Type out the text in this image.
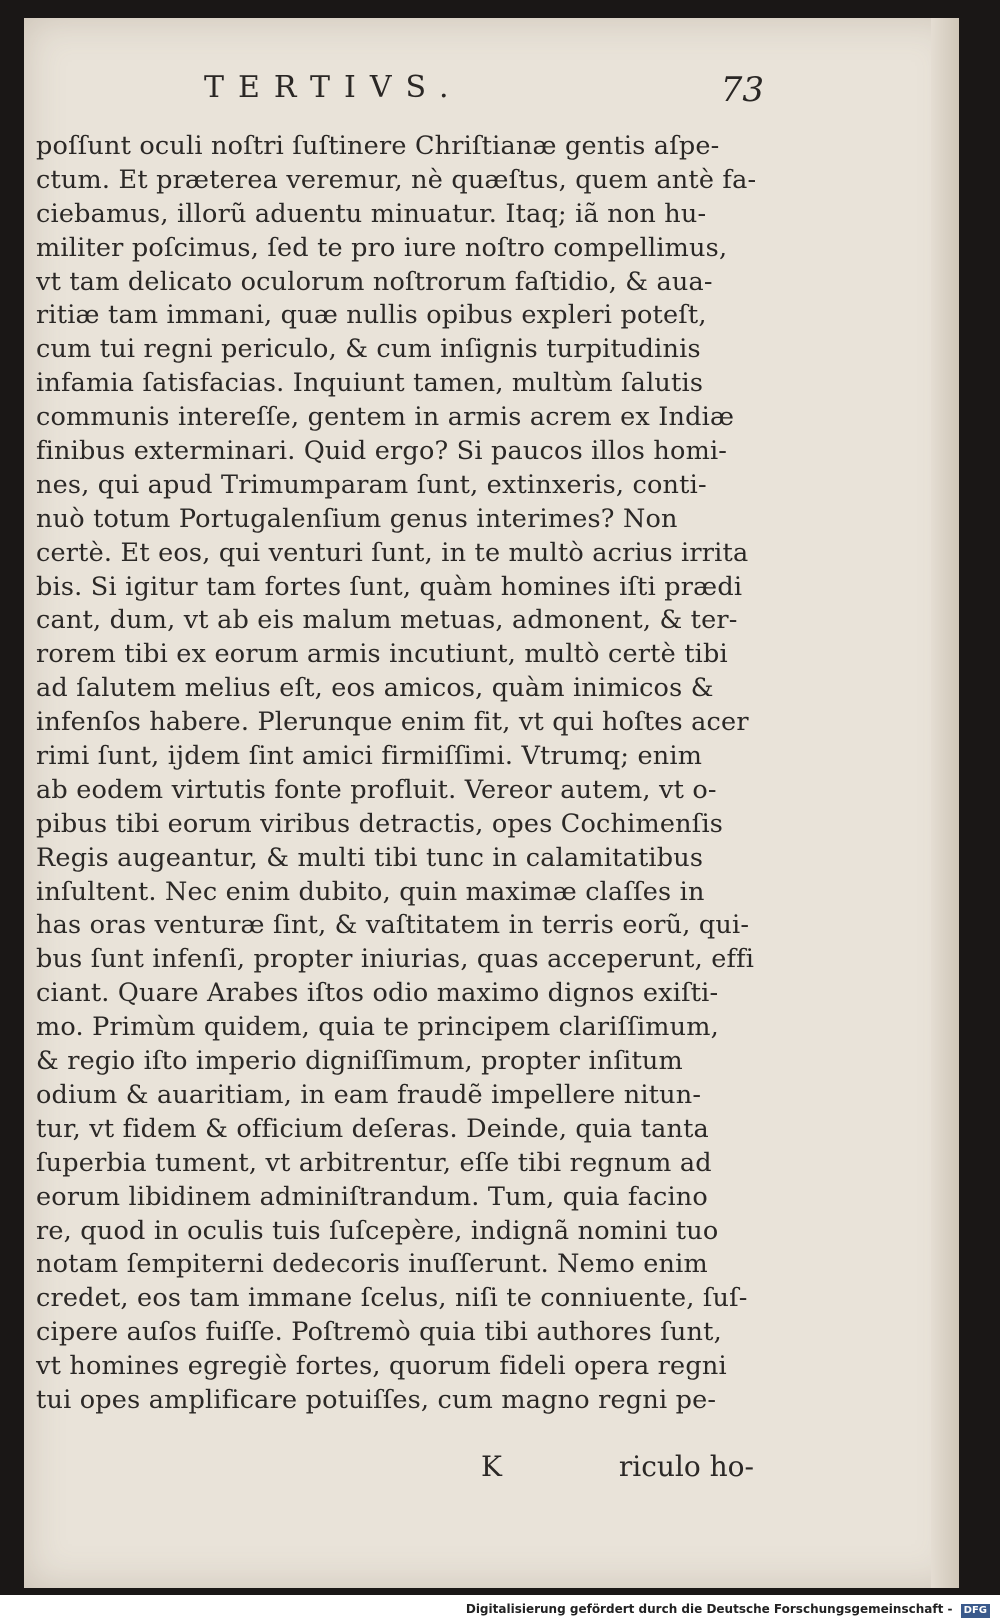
TERTIVS.	73
poſſunt oculi noſtri ſuſtinere Chriſtianæ gentis aſpe-
ctum. Et præterea veremur, nè quæſtus, quem antè fa-
ciebamus, illorũ aduentu minuatur. Itaq; iã non hu-
militer poſcimus, ſed te pro iure noſtro compellimus,
vt tam delicato oculorum noſtrorum faſtidio, & aua-
ritiæ tam immani, quæ nullis opibus expleri poteſt,
cum tui regni periculo, & cum inſignis turpitudinis
infamia ſatisfacias. Inquiunt tamen, multùm ſalutis
communis intereſſe, gentem in armis acrem ex Indiæ
finibus exterminari. Quid ergo? Si paucos illos homi-
nes, qui apud Trimumparam ſunt, extinxeris, conti-
nuò totum Portugalenſium genus interimes? Non
certè. Et eos, qui venturi ſunt, in te multò acrius irrita
bis. Si igitur tam fortes ſunt, quàm homines iſti prædi
cant, dum, vt ab eis malum metuas, admonent, & ter-
rorem tibi ex eorum armis incutiunt, multò certè tibi
ad ſalutem melius eſt, eos amicos, quàm inimicos &
infenſos habere. Plerunque enim fit, vt qui hoſtes acer
rimi ſunt, ijdem ſint amici firmiſſimi. Vtrumq; enim
ab eodem virtutis fonte profluit. Vereor autem, vt o-
pibus tibi eorum viribus detractis, opes Cochimenſis
Regis augeantur, & multi tibi tunc in calamitatibus
inſultent. Nec enim dubito, quin maximæ claſſes in
has oras venturæ ſint, & vaſtitatem in terris eorũ, qui-
bus ſunt infenſi, propter iniurias, quas acceperunt, effi
ciant. Quare Arabes iſtos odio maximo dignos exiſti-
mo. Primùm quidem, quia te principem clariſſimum,
& regio iſto imperio digniſſimum, propter inſitum
odium & auaritiam, in eam fraudẽ impellere nitun-
tur, vt fidem & officium deſeras. Deinde, quia tanta
ſuperbia tument, vt arbitrentur, eſſe tibi regnum ad
eorum libidinem adminiſtrandum. Tum, quia facino
re, quod in oculis tuis ſuſcepère, indignã nomini tuo
notam ſempiterni dedecoris inuſſerunt. Nemo enim
credet, eos tam immane ſcelus, niſi te conniuente, ſuſ-
cipere auſos fuiſſe. Poſtremò quia tibi authores ſunt,
vt homines egregiè fortes, quorum fideli opera regni
tui opes amplificare potuiſſes, cum magno regni pe-
K	riculo ho-
Digitalisierung gefördert durch die Deutsche Forschungsgemeinschaft - DFG
